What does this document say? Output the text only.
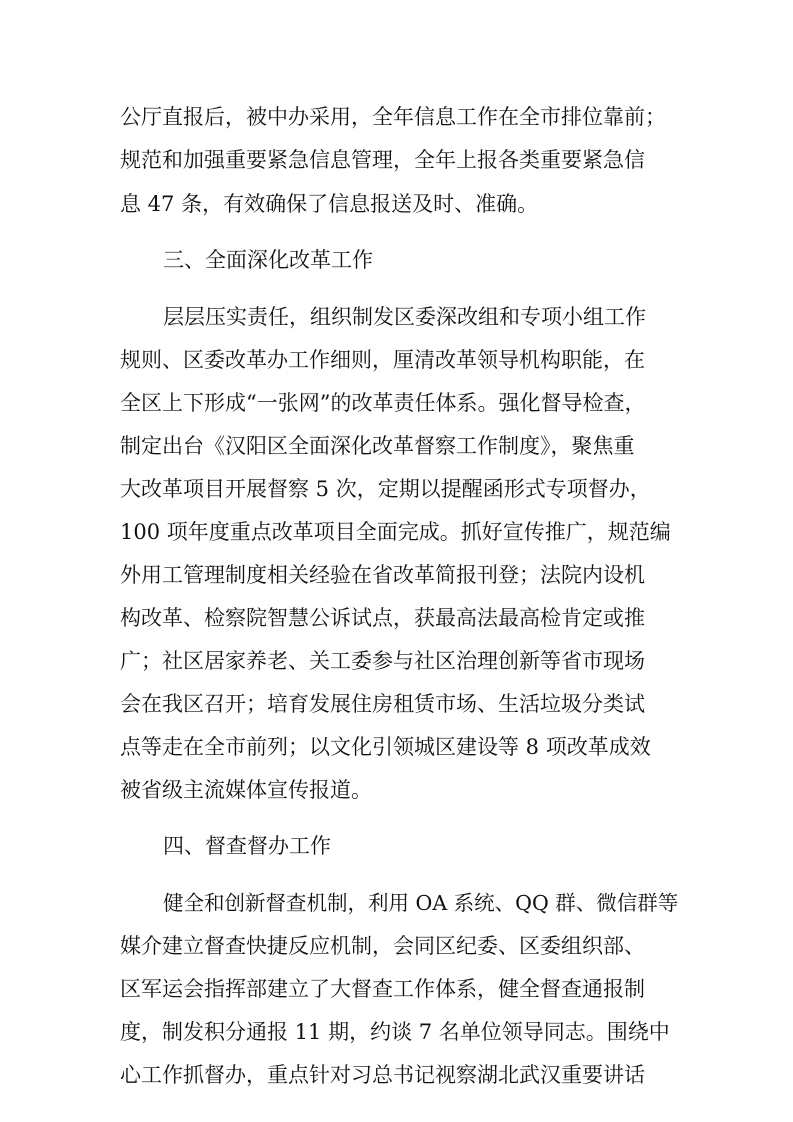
公厅直报后，被中办采用，全年信息工作在全市排位靠前；
规范和加强重要紧急信息管理，全年上报各类重要紧急信
息 47 条，有效确保了信息报送及时、准确。
三、全面深化改革工作
层层压实责任，组织制发区委深改组和专项小组工作
规则、区委改革办工作细则，厘清改革领导机构职能，在
全区上下形成“一张网”的改革责任体系。强化督导检查，
制定出台《汉阳区全面深化改革督察工作制度》，聚焦重
大改革项目开展督察 5 次，定期以提醒函形式专项督办，
100 项年度重点改革项目全面完成。抓好宣传推广，规范编
外用工管理制度相关经验在省改革简报刊登；法院内设机
构改革、检察院智慧公诉试点，获最高法最高检肯定或推
广；社区居家养老、关工委参与社区治理创新等省市现场
会在我区召开；培育发展住房租赁市场、生活垃圾分类试
点等走在全市前列；以文化引领城区建设等 8 项改革成效
被省级主流媒体宣传报道。
四、督查督办工作
健全和创新督查机制，利用 OA 系统、QQ 群、微信群等
媒介建立督查快捷反应机制，会同区纪委、区委组织部、
区军运会指挥部建立了大督查工作体系，健全督查通报制
度，制发积分通报 11 期，约谈 7 名单位领导同志。围绕中
心工作抓督办，重点针对习总书记视察湖北武汉重要讲话
